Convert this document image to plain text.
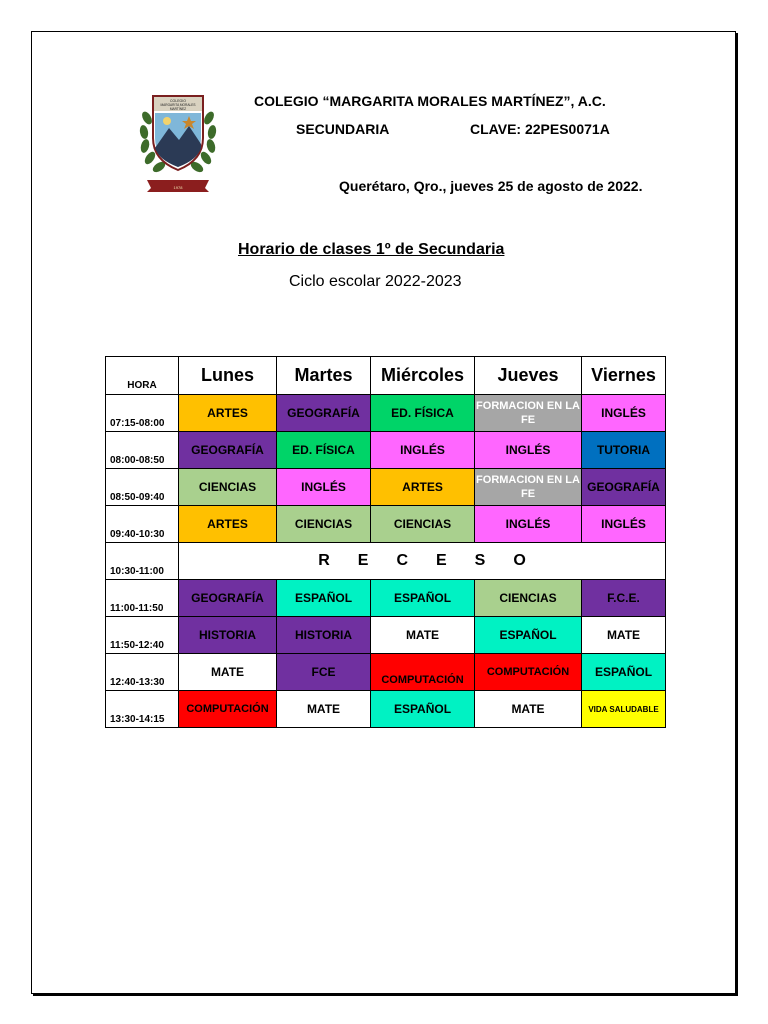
COLEGIO
MARGARITA MORALES
MARTÍNEZ
1978
COLEGIO “MARGARITA MORALES MARTÍNEZ”, A.C.
SECUNDARIA	CLAVE: 22PES0071A
Querétaro, Qro., jueves 25 de agosto de 2022.
Horario de clases 1º de Secundaria
Ciclo escolar 2022-2023
HORA	Lunes	Martes	Miércoles	Jueves	Viernes
07:15-08:00	ARTES	GEOGRAFÍA	ED. FÍSICA	FORMACION EN LA FE	INGLÉS
08:00-08:50	GEOGRAFÍA	ED. FÍSICA	INGLÉS	INGLÉS	TUTORIA
08:50-09:40	CIENCIAS	INGLÉS	ARTES	FORMACION EN LA FE	GEOGRAFÍA
09:40-10:30	ARTES	CIENCIAS	CIENCIAS	INGLÉS	INGLÉS
10:30-11:00	R E C E S O				
11:00-11:50	GEOGRAFÍA	ESPAÑOL	ESPAÑOL	CIENCIAS	F.C.E.
11:50-12:40	HISTORIA	HISTORIA	MATE	ESPAÑOL	MATE
12:40-13:30	MATE	FCE	COMPUTACIÓN	COMPUTACIÓN	ESPAÑOL
13:30-14:15	COMPUTACIÓN	MATE	ESPAÑOL	MATE	VIDA SALUDABLE
